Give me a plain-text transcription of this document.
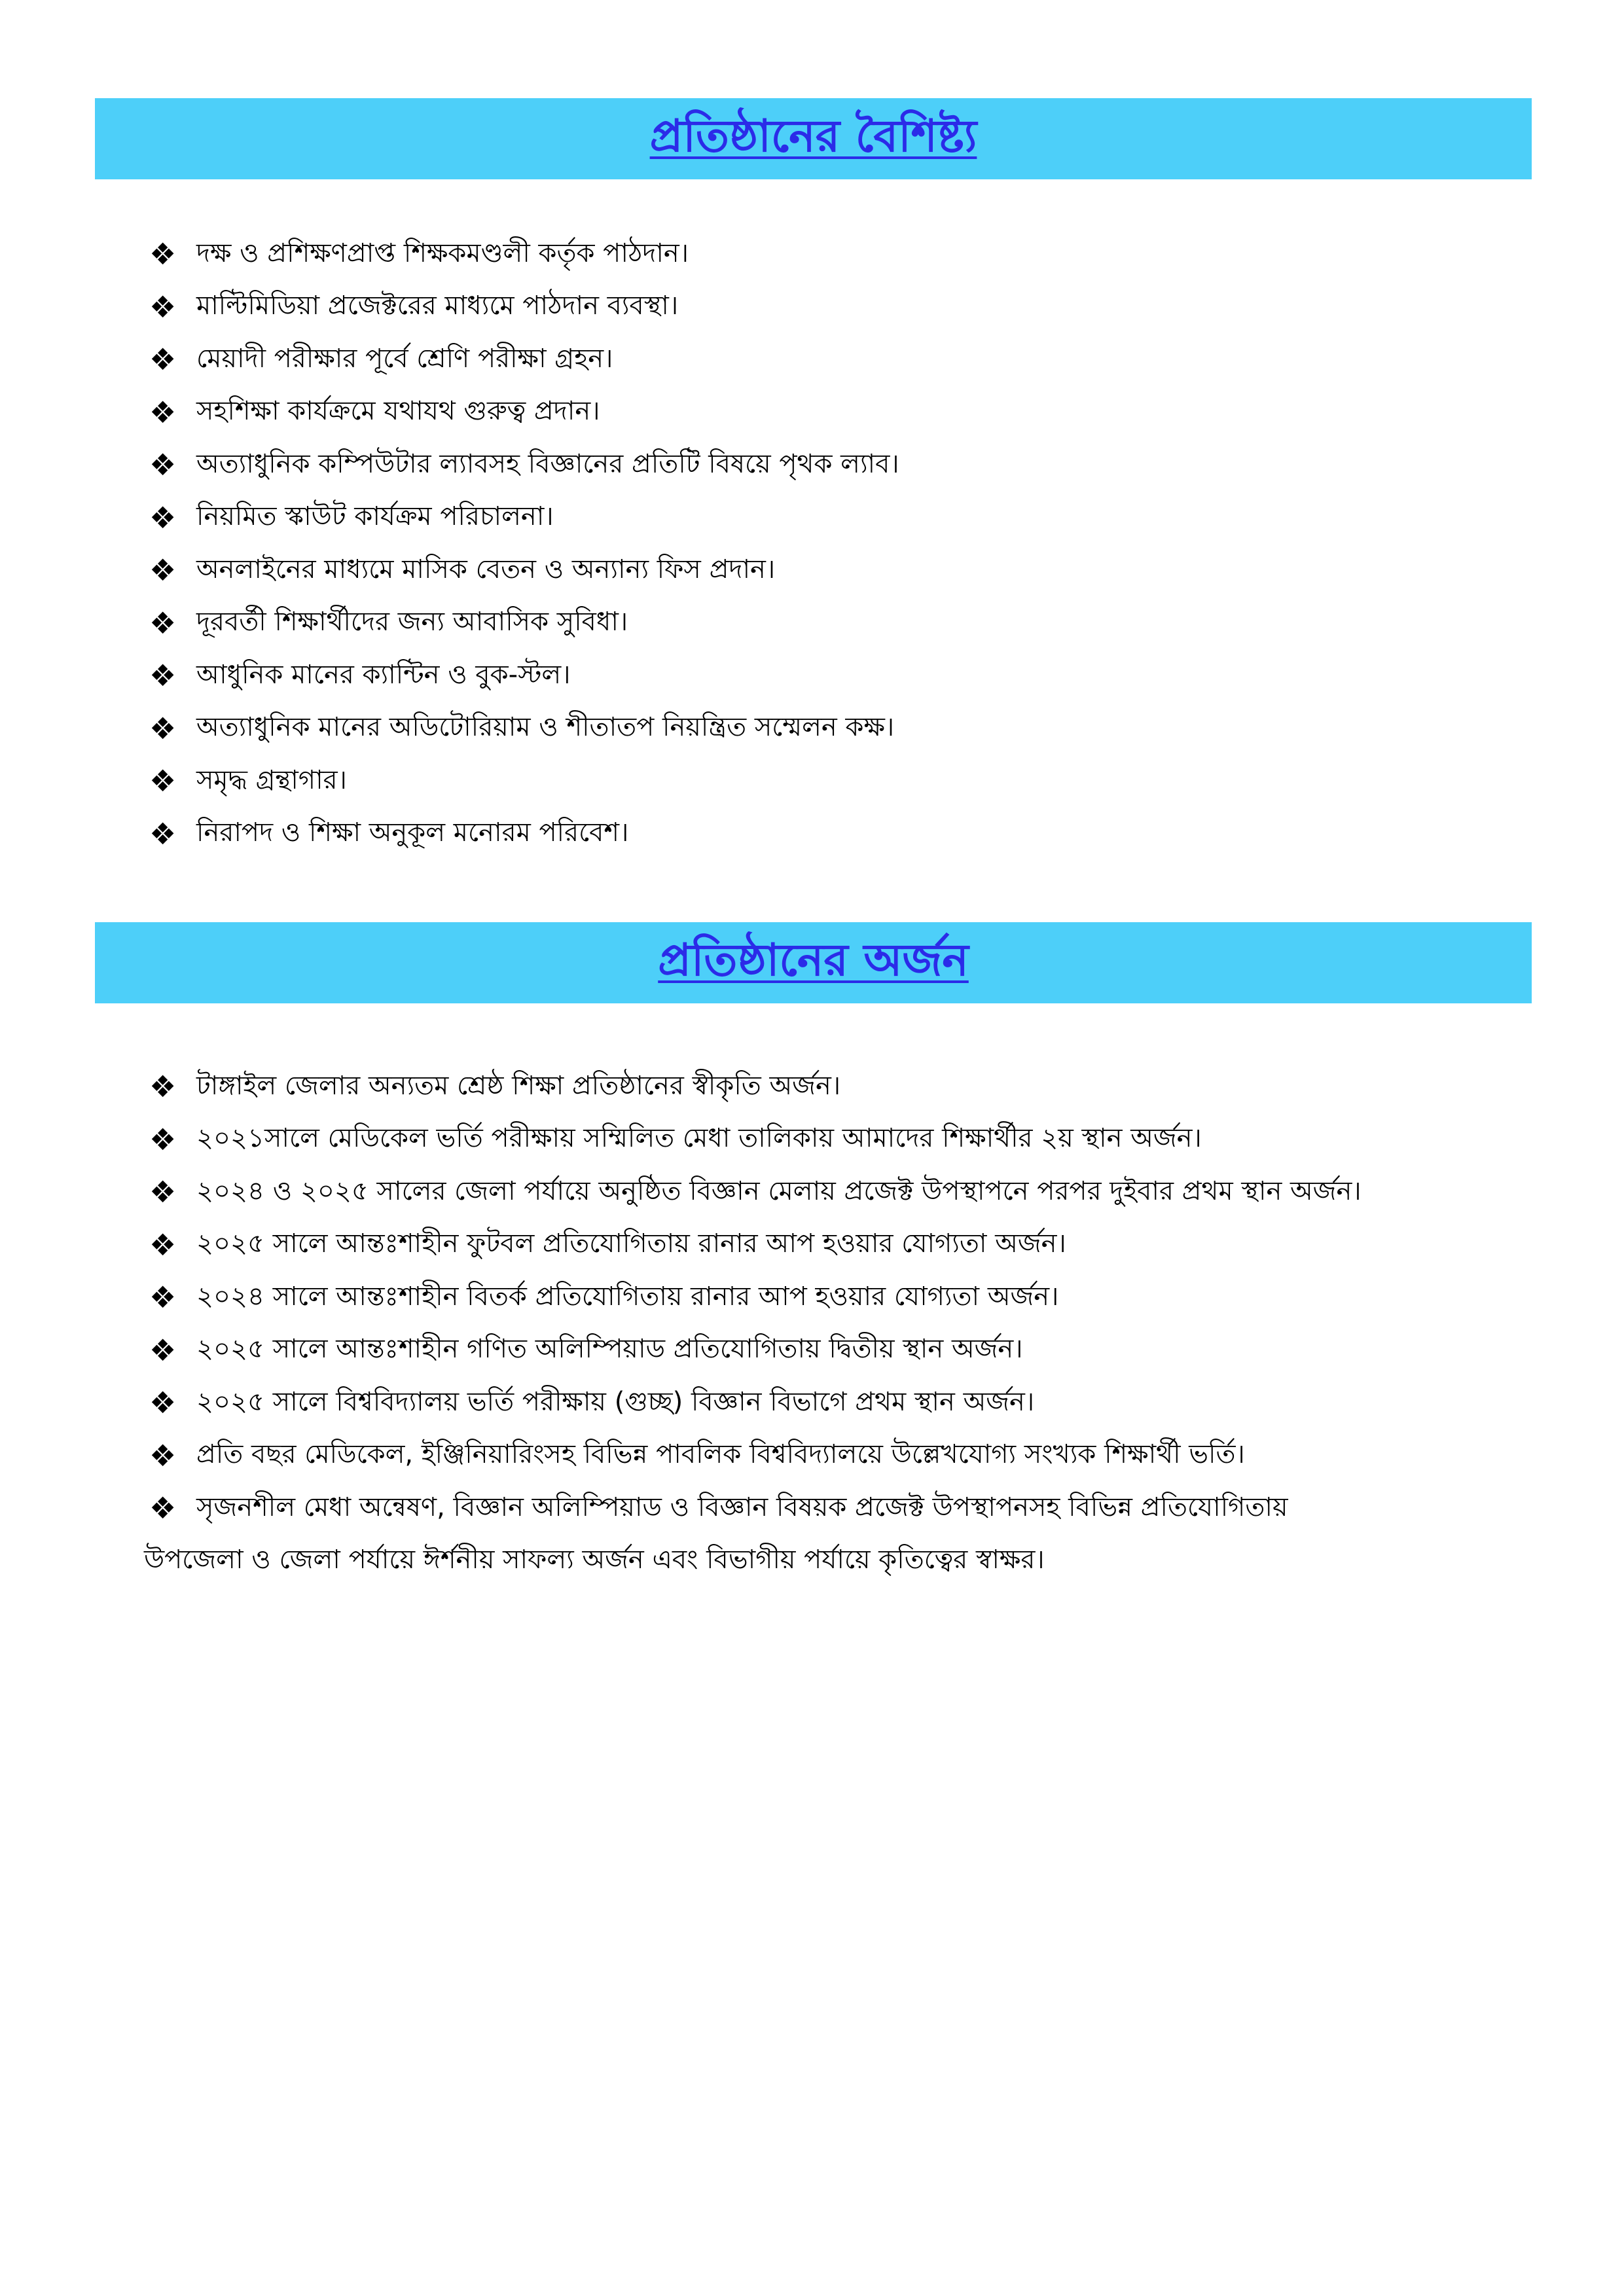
প্রতিষ্ঠানের বৈশিষ্ট্য
❖ দক্ষ ও প্রশিক্ষণপ্রাপ্ত শিক্ষকমণ্ডলী কর্তৃক পাঠদান।
❖ মাল্টিমিডিয়া প্রজেক্টরের মাধ্যমে পাঠদান ব্যবস্থা।
❖ মেয়াদী পরীক্ষার পূর্বে শ্রেণি পরীক্ষা গ্রহন।
❖ সহশিক্ষা কার্যক্রমে যথাযথ গুরুত্ব প্রদান।
❖ অত্যাধুনিক কম্পিউটার ল্যাবসহ বিজ্ঞানের প্রতিটি বিষয়ে পৃথক ল্যাব।
❖ নিয়মিত স্কাউট কার্যক্রম পরিচালনা।
❖ অনলাইনের মাধ্যমে মাসিক বেতন ও অন্যান্য ফিস প্রদান।
❖ দূরবর্তী শিক্ষার্থীদের জন্য আবাসিক সুবিধা।
❖ আধুনিক মানের ক্যান্টিন ও বুক-স্টল।
❖ অত্যাধুনিক মানের অডিটোরিয়াম ও শীতাতপ নিয়ন্ত্রিত সম্মেলন কক্ষ।
❖ সমৃদ্ধ গ্রন্থাগার।
❖ নিরাপদ ও শিক্ষা অনুকূল মনোরম পরিবেশ।
প্রতিষ্ঠানের অর্জন
❖ টাঙ্গাইল জেলার অন্যতম শ্রেষ্ঠ শিক্ষা প্রতিষ্ঠানের স্বীকৃতি অর্জন।
❖ ২০২১সালে মেডিকেল ভর্তি পরীক্ষায় সম্মিলিত মেধা তালিকায় আমাদের শিক্ষার্থীর ২য় স্থান অর্জন।
❖ ২০২৪ ও ২০২৫ সালের জেলা পর্যায়ে অনুষ্ঠিত বিজ্ঞান মেলায় প্রজেক্ট উপস্থাপনে পরপর দুইবার প্রথম স্থান অর্জন।
❖ ২০২৫ সালে আন্তঃশাহীন ফুটবল প্রতিযোগিতায় রানার আপ হওয়ার যোগ্যতা অর্জন।
❖ ২০২৪ সালে আন্তঃশাহীন বিতর্ক প্রতিযোগিতায় রানার আপ হওয়ার যোগ্যতা অর্জন।
❖ ২০২৫ সালে আন্তঃশাহীন গণিত অলিম্পিয়াড প্রতিযোগিতায় দ্বিতীয় স্থান অর্জন।
❖ ২০২৫ সালে বিশ্ববিদ্যালয় ভর্তি পরীক্ষায় (গুচ্ছ) বিজ্ঞান বিভাগে প্রথম স্থান অর্জন।
❖ প্রতি বছর মেডিকেল, ইঞ্জিনিয়ারিংসহ বিভিন্ন পাবলিক বিশ্ববিদ্যালয়ে উল্লেখযোগ্য সংখ্যক শিক্ষার্থী ভর্তি।
❖ সৃজনশীল মেধা অন্বেষণ, বিজ্ঞান অলিম্পিয়াড ও বিজ্ঞান বিষয়ক প্রজেক্ট উপস্থাপনসহ বিভিন্ন প্রতিযোগিতায়
উপজেলা ও জেলা পর্যায়ে ঈর্শনীয় সাফল্য অর্জন এবং বিভাগীয় পর্যায়ে কৃতিত্বের স্বাক্ষর।
